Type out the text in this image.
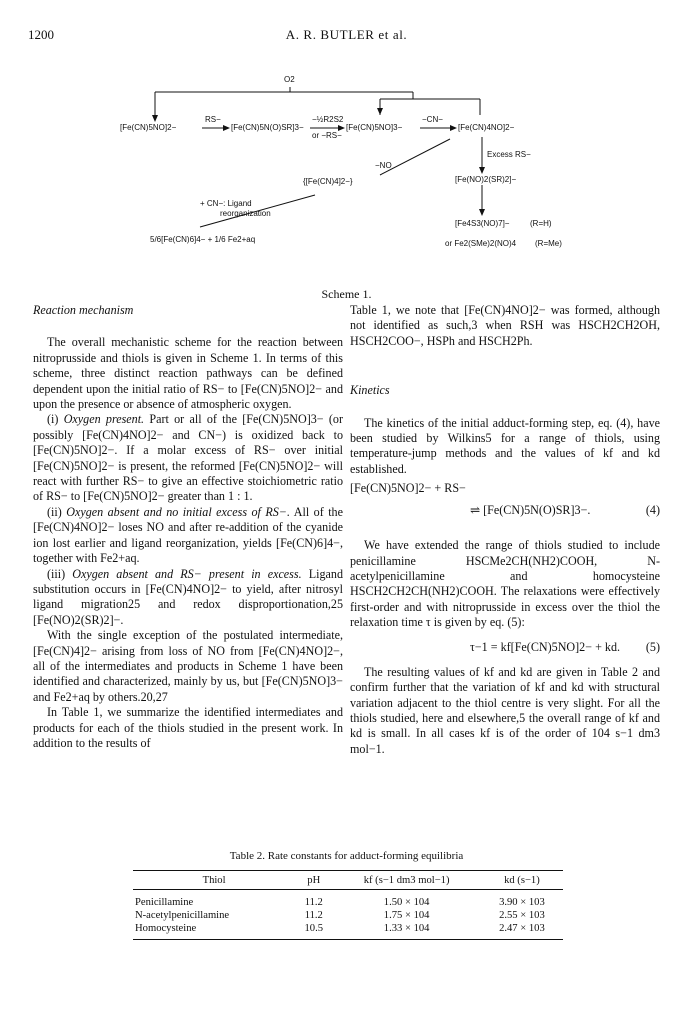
1200	A. R. BUTLER et al.
O2
[Fe(CN)5NO]2−
RS−
[Fe(CN)5N(O)SR]3−
−½R2S2
or −RS−
[Fe(CN)5NO]3−
−CN−
[Fe(CN)4NO]2−
Excess RS−
−NO
[Fe(NO)2(SR)2]−
{[Fe(CN)4]2−}
+ CN−: Ligand
reorganization
5/6[Fe(CN)6]4− + 1/6 Fe2+aq
[Fe4S3(NO)7]−	(R=H)
or Fe2(SMe)2(NO)4 (R=Me)
Scheme 1.
Reaction mechanism

The overall mechanistic scheme for the reaction between nitroprusside and thiols is given in Scheme 1. In terms of this scheme, three distinct reaction pathways can be defined dependent upon the initial ratio of RS− to [Fe(CN)5NO]2− and upon the presence or absence of atmospheric oxygen.

(i) Oxygen present. Part or all of the [Fe(CN)5NO]3− (or possibly [Fe(CN)4NO]2− and CN−) is oxidized back to [Fe(CN)5NO]2−. If a molar excess of RS− over initial [Fe(CN)5NO]2− is present, the reformed [Fe(CN)5NO]2− will react with further RS− to give an effective stoichiometric ratio of RS− to [Fe(CN)5NO]2− greater than 1 : 1.

(ii) Oxygen absent and no initial excess of RS−. All of the [Fe(CN)4NO]2− loses NO and after re-addition of the cyanide ion lost earlier and ligand reorganization, yields [Fe(CN)6]4−, together with Fe2+aq.

(iii) Oxygen absent and RS− present in excess. Ligand substitution occurs in [Fe(CN)4NO]2− to yield, after nitrosyl ligand migration25 and redox disproportionation,25 [Fe(NO)2(SR)2]−.

With the single exception of the postulated intermediate, [Fe(CN)4]2− arising from loss of NO from [Fe(CN)4NO]2−, all of the intermediates and products in Scheme 1 have been identified and characterized, mainly by us, but [Fe(CN)5NO]3− and Fe2+aq by others.20,27

In Table 1, we summarize the identified intermediates and products for each of the thiols studied in the present work. In addition to the results of

Table 1, we note that [Fe(CN)4NO]2− was formed, although not identified as such,3 when RSH was HSCH2CH2OH, HSCH2COO−, HSPh and HSCH2Ph.

Kinetics

The kinetics of the initial adduct-forming step, eq. (4), have been studied by Wilkins5 for a range of thiols, using temperature-jump methods and the values of kf and kd established.

[Fe(CN)5NO]2− + RS−
⇌ [Fe(CN)5N(O)SR]3−.	(4)

We have extended the range of thiols studied to include penicillamine HSCMe2CH(NH2)COOH, N-acetylpenicillamine and homocysteine HSCH2CH2CH(NH2)COOH. The relaxations were effectively first-order and with nitroprusside in excess over the thiol the relaxation time τ is given by eq. (5):

τ−1 = kf[Fe(CN)5NO]2− + kd. (5)

The resulting values of kf and kd are given in Table 2 and confirm further that the variation of kf and kd with structural variation adjacent to the thiol centre is very slight. For all the thiols studied, here and elsewhere,5 the overall range of kf and kd is small. In all cases kf is of the order of 104 s−1 dm3 mol−1.

Table 2. Rate constants for adduct-forming equilibria
Thiol	pH	kf (s−1 dm3 mol−1)	kd (s−1)
Penicillamine	11.2	1.50 × 104	3.90 × 103
N-acetylpenicillamine	11.2	1.75 × 104	2.55 × 103
Homocysteine	10.5	1.33 × 104	2.47 × 103
